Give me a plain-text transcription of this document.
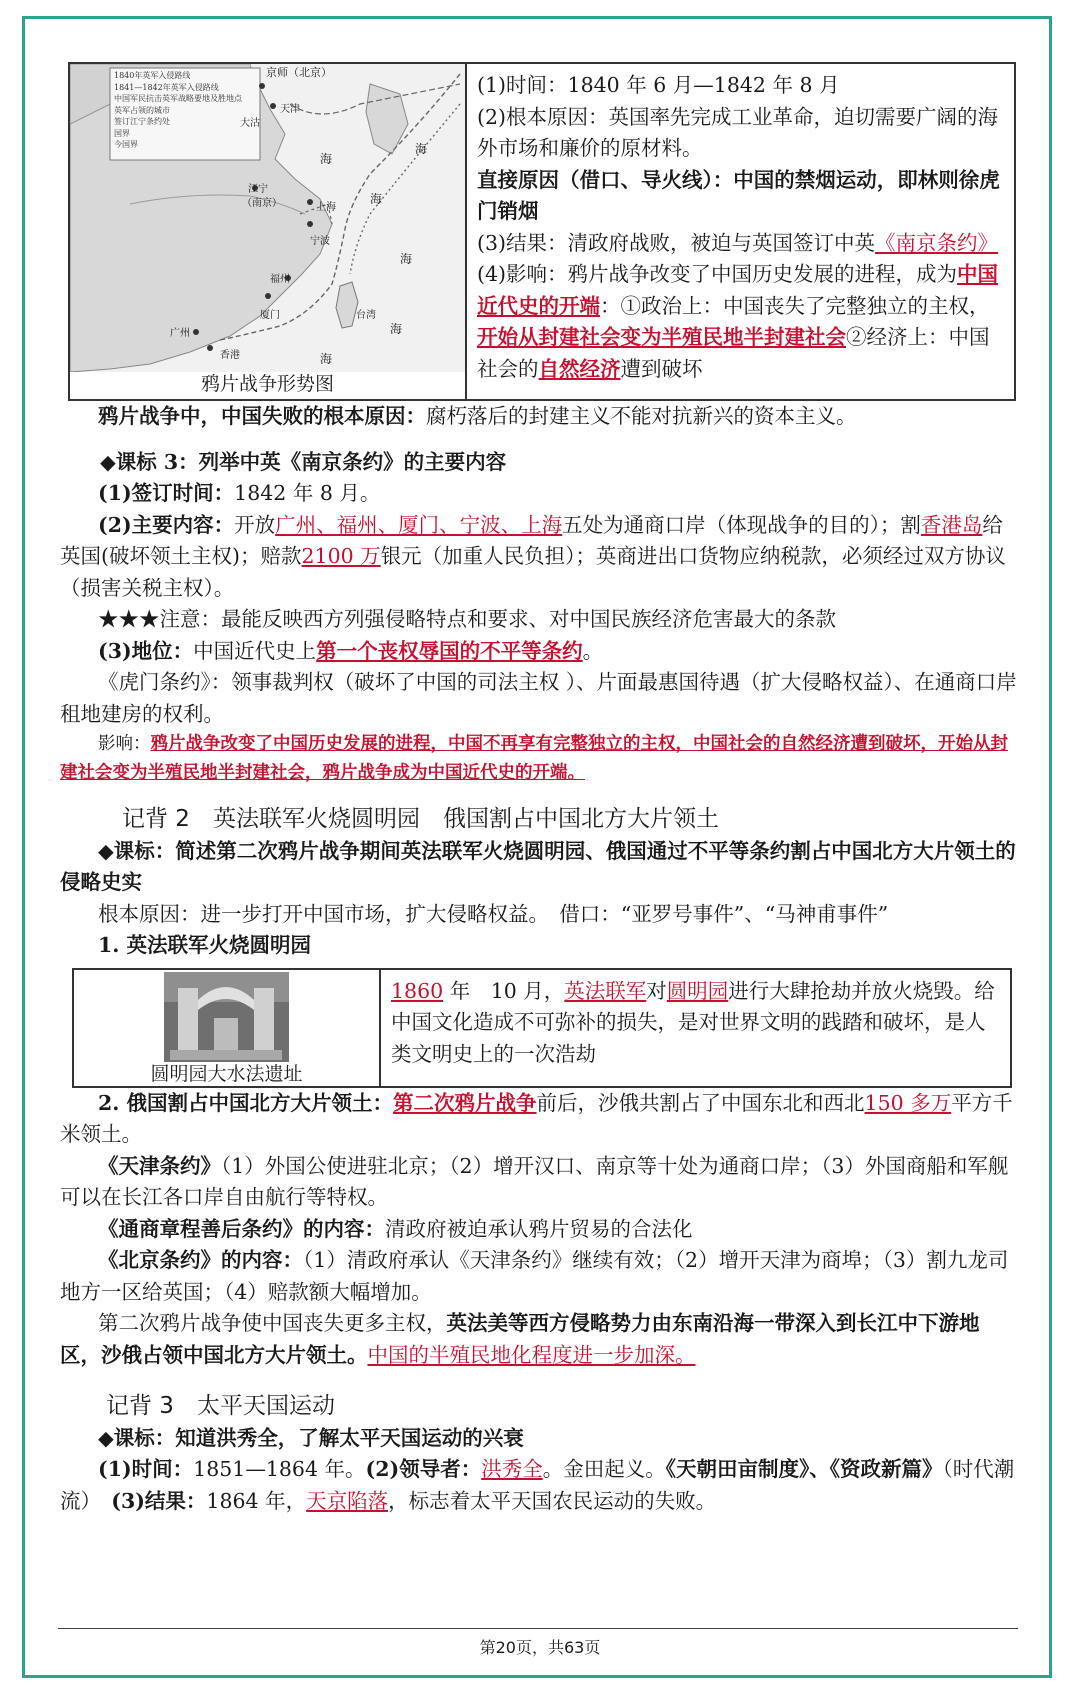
京师（北京）
天津
大沽
江宁
（南京）	上海
宁波
福州
厦门	台湾
广州
香港
海
海
海
海
海
海
1840年英军入侵路线
1841—1842年英军入侵路线
中国军民抗击英军战略要地及胜地点
英军占领的城市
签订江宁条约处
国界
今国界
鸦片战争形势图

(1)时间：1840 年 6 月—1842 年 8 月

(2)根本原因：英国率先完成工业革命，迫切需要广阔的海外市场和廉价的原材料。

直接原因（借口、导火线）：中国的禁烟运动，即林则徐虎门销烟

(3)结果：清政府战败，被迫与英国签订中英《南京条约》

(4)影响：鸦片战争改变了中国历史发展的进程，成为中国近代史的开端：①政治上：中国丧失了完整独立的主权，开始从封建社会变为半殖民地半封建社会②经济上：中国社会的自然经济遭到破坏

鸦片战争中，中国失败的根本原因：腐朽落后的封建主义不能对抗新兴的资本主义。

◆课标 3：列举中英《南京条约》的主要内容

(1)签订时间：1842 年 8 月。

(2)主要内容：开放广州、福州、厦门、宁波、上海五处为通商口岸（体现战争的目的）；割香港岛给英国(破坏领土主权)；赔款2100 万银元（加重人民负担）；英商进出口货物应纳税款，必须经过双方协议（损害关税主权）。

★★★注意：最能反映西方列强侵略特点和要求、对中国民族经济危害最大的条款

(3)地位：中国近代史上第一个丧权辱国的不平等条约。

《虎门条约》：领事裁判权（破坏了中国的司法主权 ）、片面最惠国待遇（扩大侵略权益）、在通商口岸租地建房的权利。

影响：鸦片战争改变了中国历史发展的进程，中国不再享有完整独立的主权，中国社会的自然经济遭到破坏，开始从封建社会变为半殖民地半封建社会，鸦片战争成为中国近代史的开端。

记背 2　英法联军火烧圆明园　俄国割占中国北方大片领土

◆课标：简述第二次鸦片战争期间英法联军火烧圆明园、俄国通过不平等条约割占中国北方大片领土的侵略史实

根本原因：进一步打开中国市场，扩大侵略权益。　借口：“亚罗号事件”、“马神甫事件”

1. 英法联军火烧圆明园

圆明园大水法遗址

1860 年　10 月，英法联军对圆明园进行大肆抢劫并放火烧毁。给中国文化造成不可弥补的损失，是对世界文明的践踏和破坏，是人类文明史上的一次浩劫

2. 俄国割占中国北方大片领土：第二次鸦片战争前后，沙俄共割占了中国东北和西北150 多万平方千米领土。

《天津条约》（1）外国公使进驻北京；（2）增开汉口、南京等十处为通商口岸；（3）外国商船和军舰可以在长江各口岸自由航行等特权。

《通商章程善后条约》的内容：清政府被迫承认鸦片贸易的合法化

《北京条约》的内容：（1）清政府承认《天津条约》继续有效；（2）增开天津为商埠；（3）割九龙司地方一区给英国；（4）赔款额大幅增加。

第二次鸦片战争使中国丧失更多主权，英法美等西方侵略势力由东南沿海一带深入到长江中下游地区，沙俄占领中国北方大片领土。中国的半殖民地化程度进一步加深。

记背 3　太平天国运动

◆课标：知道洪秀全，了解太平天国运动的兴衰

(1)时间：1851—1864 年。(2)领导者：洪秀全。金田起义。《天朝田亩制度》、《资政新篇》（时代潮流）　(3)结果：1864 年，天京陷落，标志着太平天国农民运动的失败。

第20页，共63页
